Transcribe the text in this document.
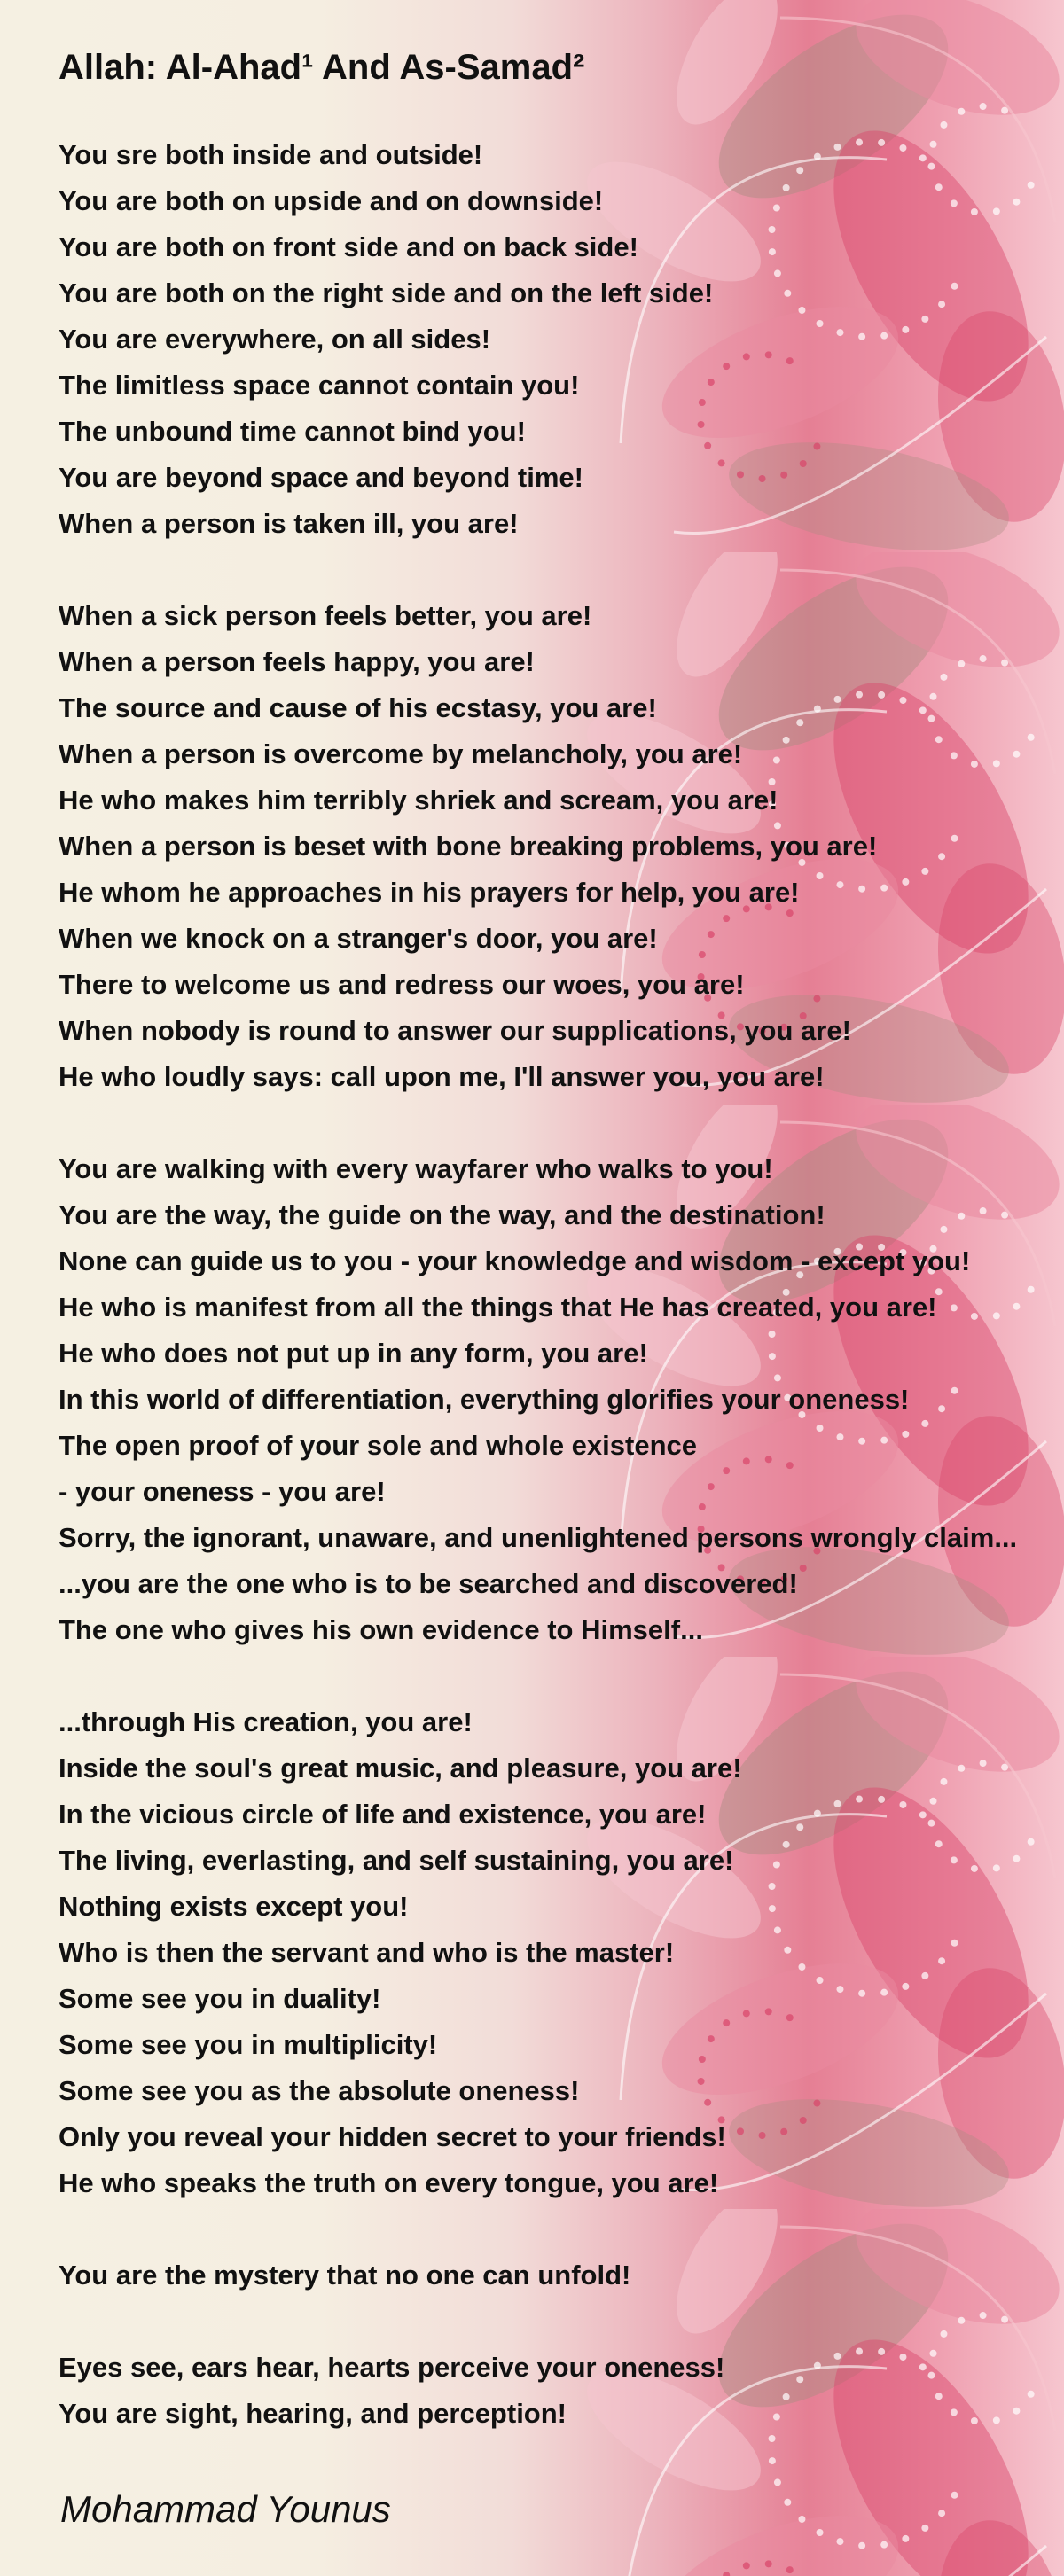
Allah: Al-Ahad¹ And As-Samad²
You sre both inside and outside!
You are both on upside and on downside!
You are both on front side and on back side!
You are both on the right side and on the left side!
You are everywhere, on all sides!
The limitless space cannot contain you!
The unbound time cannot bind you!
You are beyond space and beyond time!
When a person is taken ill, you are!
When a sick person feels better, you are!
When a person feels happy, you are!
The source and cause of his ecstasy, you are!
When a person is overcome by melancholy, you are!
He who makes him terribly shriek and scream, you are!
When a person is beset with bone breaking problems, you are!
He whom he approaches in his prayers for help, you are!
When we knock on a stranger's door, you are!
There to welcome us and redress our woes, you are!
When nobody is round to answer our supplications, you are!
He who loudly says: call upon me, I'll answer you, you are!
You are walking with every wayfarer who walks to you!
You are the way, the guide on the way, and the destination!
None can guide us to you - your knowledge and wisdom - except you!
He who is manifest from all the things that He has created, you are!
He who does not put up in any form, you are!
In this world of differentiation, everything glorifies your oneness!
The open proof of your sole and whole existence
- your oneness - you are!
Sorry, the ignorant, unaware, and unenlightened persons wrongly claim...
...you are the one who is to be searched and discovered!
The one who gives his own evidence to Himself...
...through His creation, you are!
Inside the soul's great music, and pleasure, you are!
In the vicious circle of life and existence, you are!
The living, everlasting, and self sustaining, you are!
Nothing exists except you!
Who is then the servant and who is the master!
Some see you in duality!
Some see you in multiplicity!
Some see you as the absolute oneness!
Only you reveal your hidden secret to your friends!
He who speaks the truth on every tongue, you are!
You are the mystery that no one can unfold!
Eyes see, ears hear, hearts perceive your oneness!
You are sight, hearing, and perception!
Mohammad Younus
